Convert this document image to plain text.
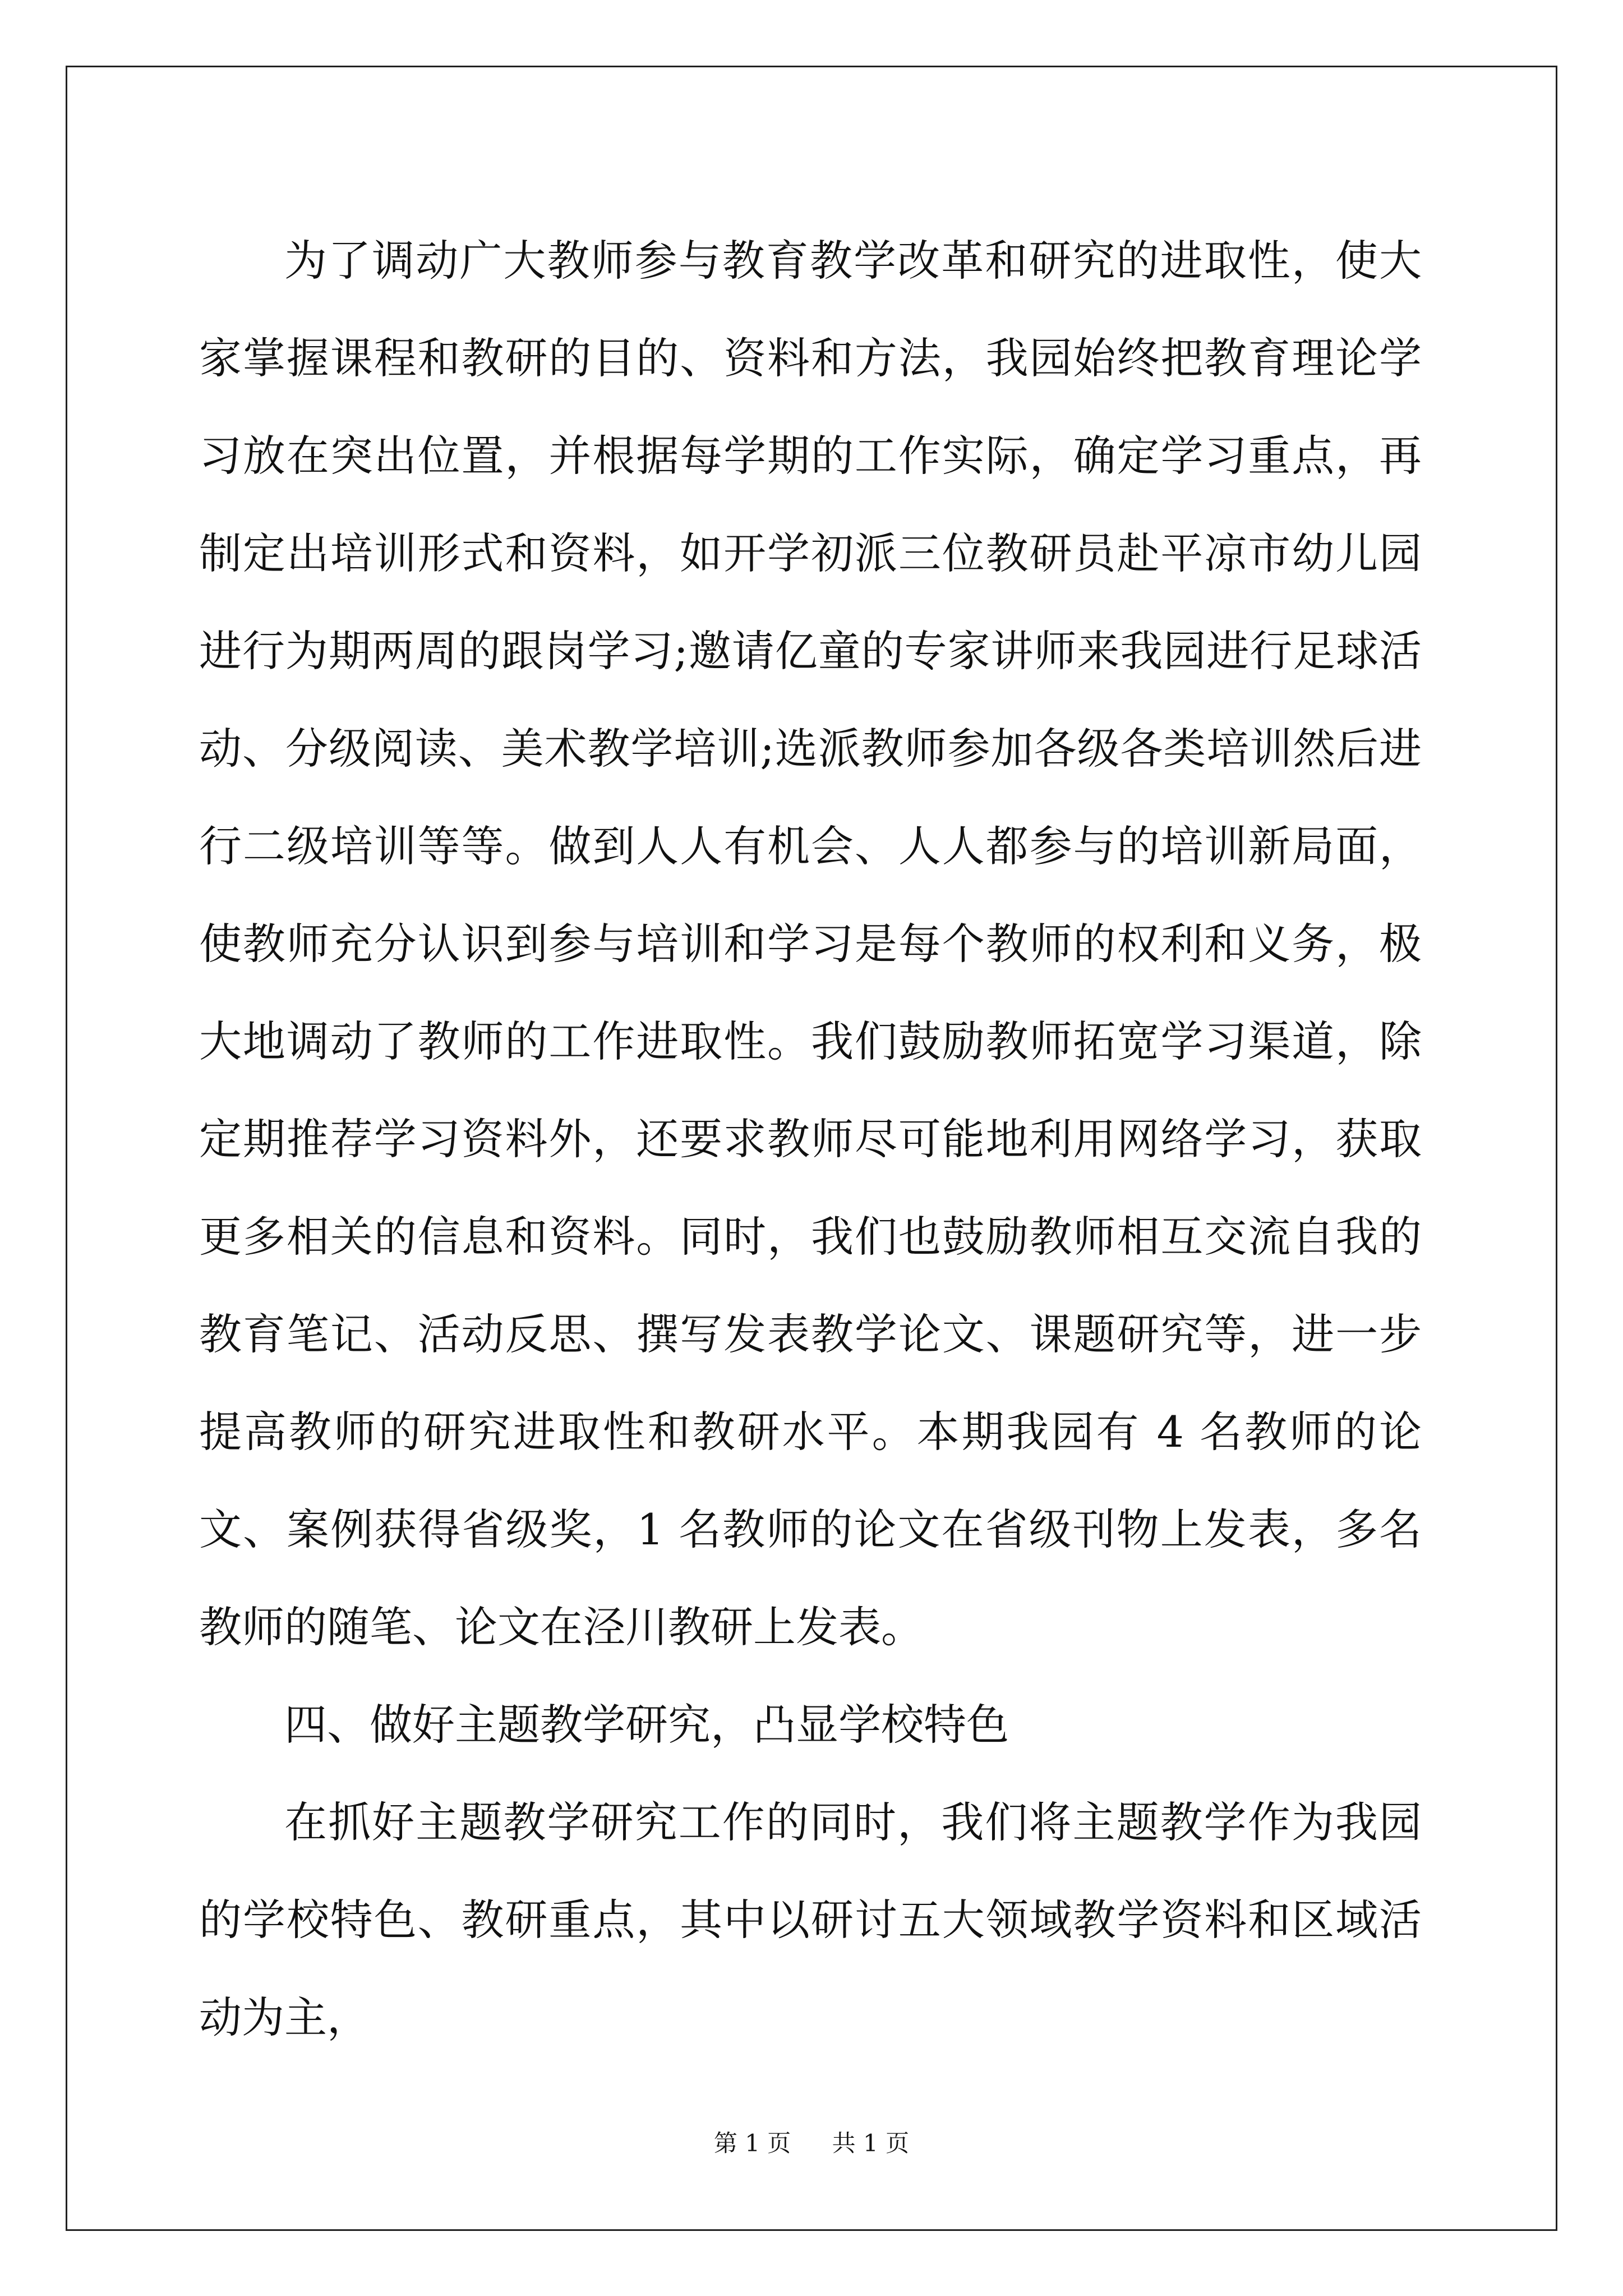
为了调动广大教师参与教育教学改革和研究的进取性，使大家掌握课程和教研的目的、资料和方法，我园始终把教育理论学习放在突出位置，并根据每学期的工作实际，确定学习重点，再制定出培训形式和资料，如开学初派三位教研员赴平凉市幼儿园进行为期两周的跟岗学习;邀请亿童的专家讲师来我园进行足球活动、分级阅读、美术教学培训;选派教师参加各级各类培训然后进行二级培训等等。做到人人有机会、人人都参与的培训新局面，使教师充分认识到参与培训和学习是每个教师的权利和义务，极大地调动了教师的工作进取性。我们鼓励教师拓宽学习渠道，除定期推荐学习资料外，还要求教师尽可能地利用网络学习，获取更多相关的信息和资料。同时，我们也鼓励教师相互交流自我的教育笔记、活动反思、撰写发表教学论文、课题研究等，进一步提高教师的研究进取性和教研水平。本期我园有 4 名教师的论文、案例获得省级奖，1 名教师的论文在省级刊物上发表，多名教师的随笔、论文在泾川教研上发表。

四、做好主题教学研究，凸显学校特色

在抓好主题教学研究工作的同时，我们将主题教学作为我园的学校特色、教研重点，其中以研讨五大领域教学资料和区域活动为主，

第 1 页 共 1 页
